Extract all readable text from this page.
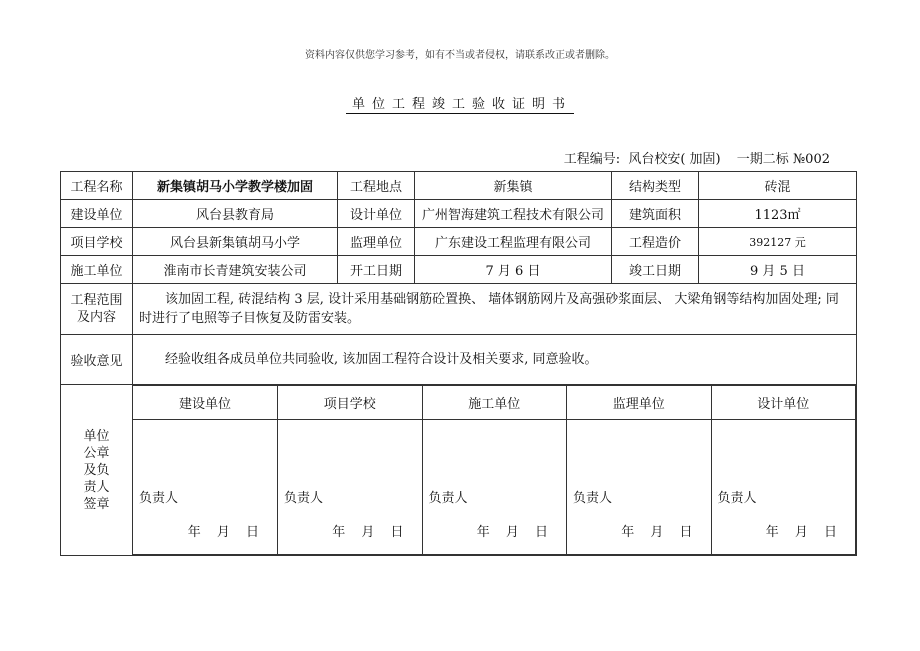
资料内容仅供您学习参考，如有不当或者侵权，请联系改正或者删除。
单位工程竣工验收证明书
工程编号: 风台校安( 加固) 一期二标 №002
工程名称	新集镇胡马小学教学楼加固	工程地点	新集镇	结构类型	砖混
建设单位	风台县教育局	设计单位	广州智海建筑工程技术有限公司	建筑面积	1123㎡
项目学校	风台县新集镇胡马小学	监理单位	广东建设工程监理有限公司	工程造价	392127 元
施工单位	淮南市长青建筑安装公司	开工日期	7 月 6 日	竣工日期	9 月 5 日

工程范围及内容
	该加固工程, 砖混结构 3 层, 设计采用基础钢筋砼置换、 墙体钢筋网片及高强砂浆面层、 大梁角钢等结构加固处理; 同时进行了电照等子目恢复及防雷安装。
验收意见	经验收组各成员单位共同验收, 该加固工程符合设计及相关要求, 同意验收。

单位公章及负责人签章

建设单位	项目学校	施工单位	监理单位	设计单位

负责人
年 月 日

负责人
年 月 日

负责人
年 月 日

负责人
年 月 日

负责人
年 月 日
